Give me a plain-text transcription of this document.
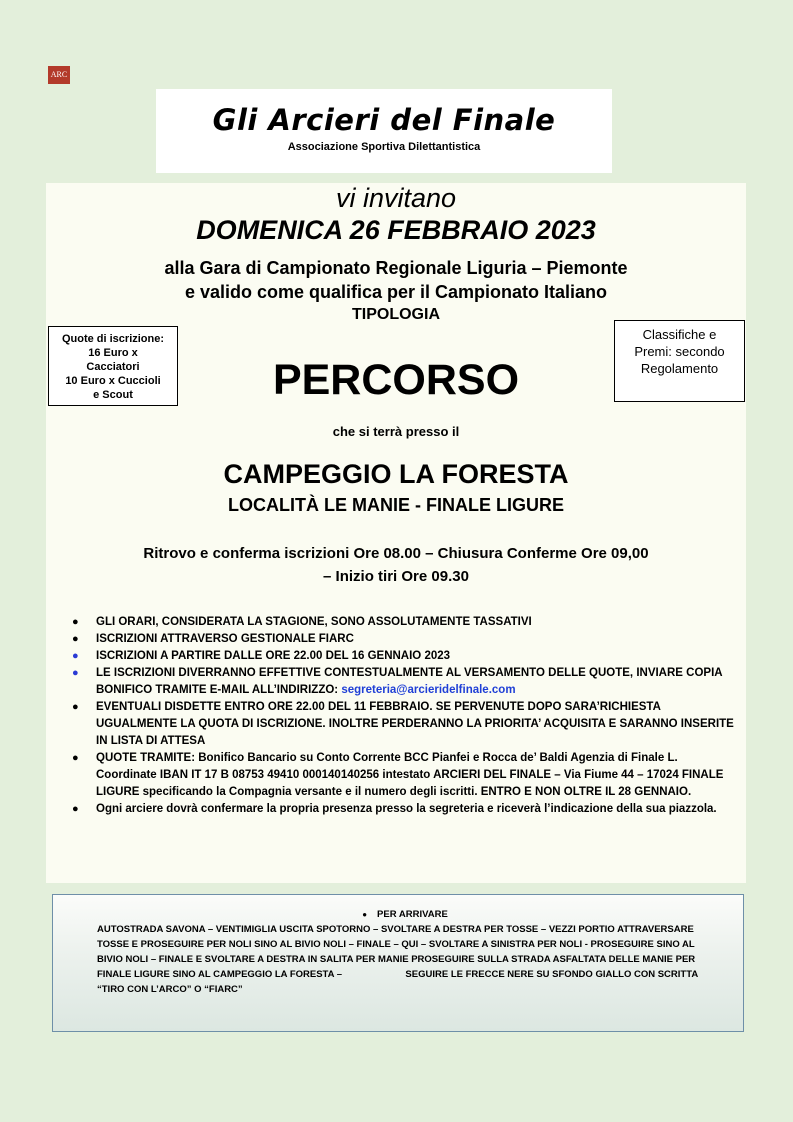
ARC
Gli Arcieri del Finale
Associazione Sportiva Dilettantistica
vi invitano
DOMENICA 26 FEBBRAIO 2023
alla Gara di Campionato Regionale Liguria – Piemonte
e valido come qualifica per il Campionato Italiano
TIPOLOGIA
PERCORSO
che si terrà presso il
CAMPEGGIO LA FORESTA
LOCALITÀ LE MANIE - FINALE LIGURE
Ritrovo e conferma iscrizioni Ore 08.00 – Chiusura Conferme Ore 09,00
– Inizio tiri Ore 09.30
Quote di iscrizione:
16 Euro x
Cacciatori
10 Euro x Cuccioli
e Scout
Classifiche e
Premi: secondo
Regolamento
● GLI ORARI, CONSIDERATA LA STAGIONE, SONO ASSOLUTAMENTE TASSATIVI
● ISCRIZIONI ATTRAVERSO GESTIONALE FIARC
● ISCRIZIONI A PARTIRE DALLE ORE 22.00 DEL 16 GENNAIO 2023
● LE ISCRIZIONI DIVERRANNO EFFETTIVE CONTESTUALMENTE AL VERSAMENTO DELLE QUOTE, INVIARE COPIA BONIFICO TRAMITE E-MAIL ALL’INDIRIZZO: segreteria@arcieridelfinale.com
● EVENTUALI DISDETTE ENTRO ORE 22.00 DEL 11 FEBBRAIO. SE PERVENUTE DOPO SARA’RICHIESTA UGUALMENTE LA QUOTA DI ISCRIZIONE. INOLTRE PERDERANNO LA PRIORITA’ ACQUISITA E SARANNO INSERITE IN LISTA DI ATTESA
● QUOTE TRAMITE: Bonifico Bancario su Conto Corrente BCC Pianfei e Rocca de’ Baldi Agenzia di Finale L. Coordinate IBAN IT 17 B 08753 49410 000140140256 intestato ARCIERI DEL FINALE – Via Fiume 44 – 17024 FINALE LIGURE specificando la Compagnia versante e il numero degli iscritti. ENTRO E NON OLTRE IL 28 GENNAIO.
● Ogni arciere dovrà confermare la propria presenza presso la segreteria e riceverà l’indicazione della sua piazzola.
● PER ARRIVARE
AUTOSTRADA SAVONA – VENTIMIGLIA USCITA SPOTORNO – SVOLTARE A DESTRA PER TOSSE – VEZZI PORTIO ATTRAVERSARE TOSSE E PROSEGUIRE PER NOLI SINO AL BIVIO NOLI – FINALE – QUI – SVOLTARE A SINISTRA PER NOLI - PROSEGUIRE SINO AL BIVIO NOLI – FINALE E SVOLTARE A DESTRA IN SALITA PER MANIE PROSEGUIRE SULLA STRADA ASFALTATA DELLE MANIE PER FINALE LIGURE SINO AL CAMPEGGIO LA FORESTA –                        SEGUIRE LE FRECCE NERE SU SFONDO GIALLO CON SCRITTA “TIRO CON L’ARCO” O “FIARC”
